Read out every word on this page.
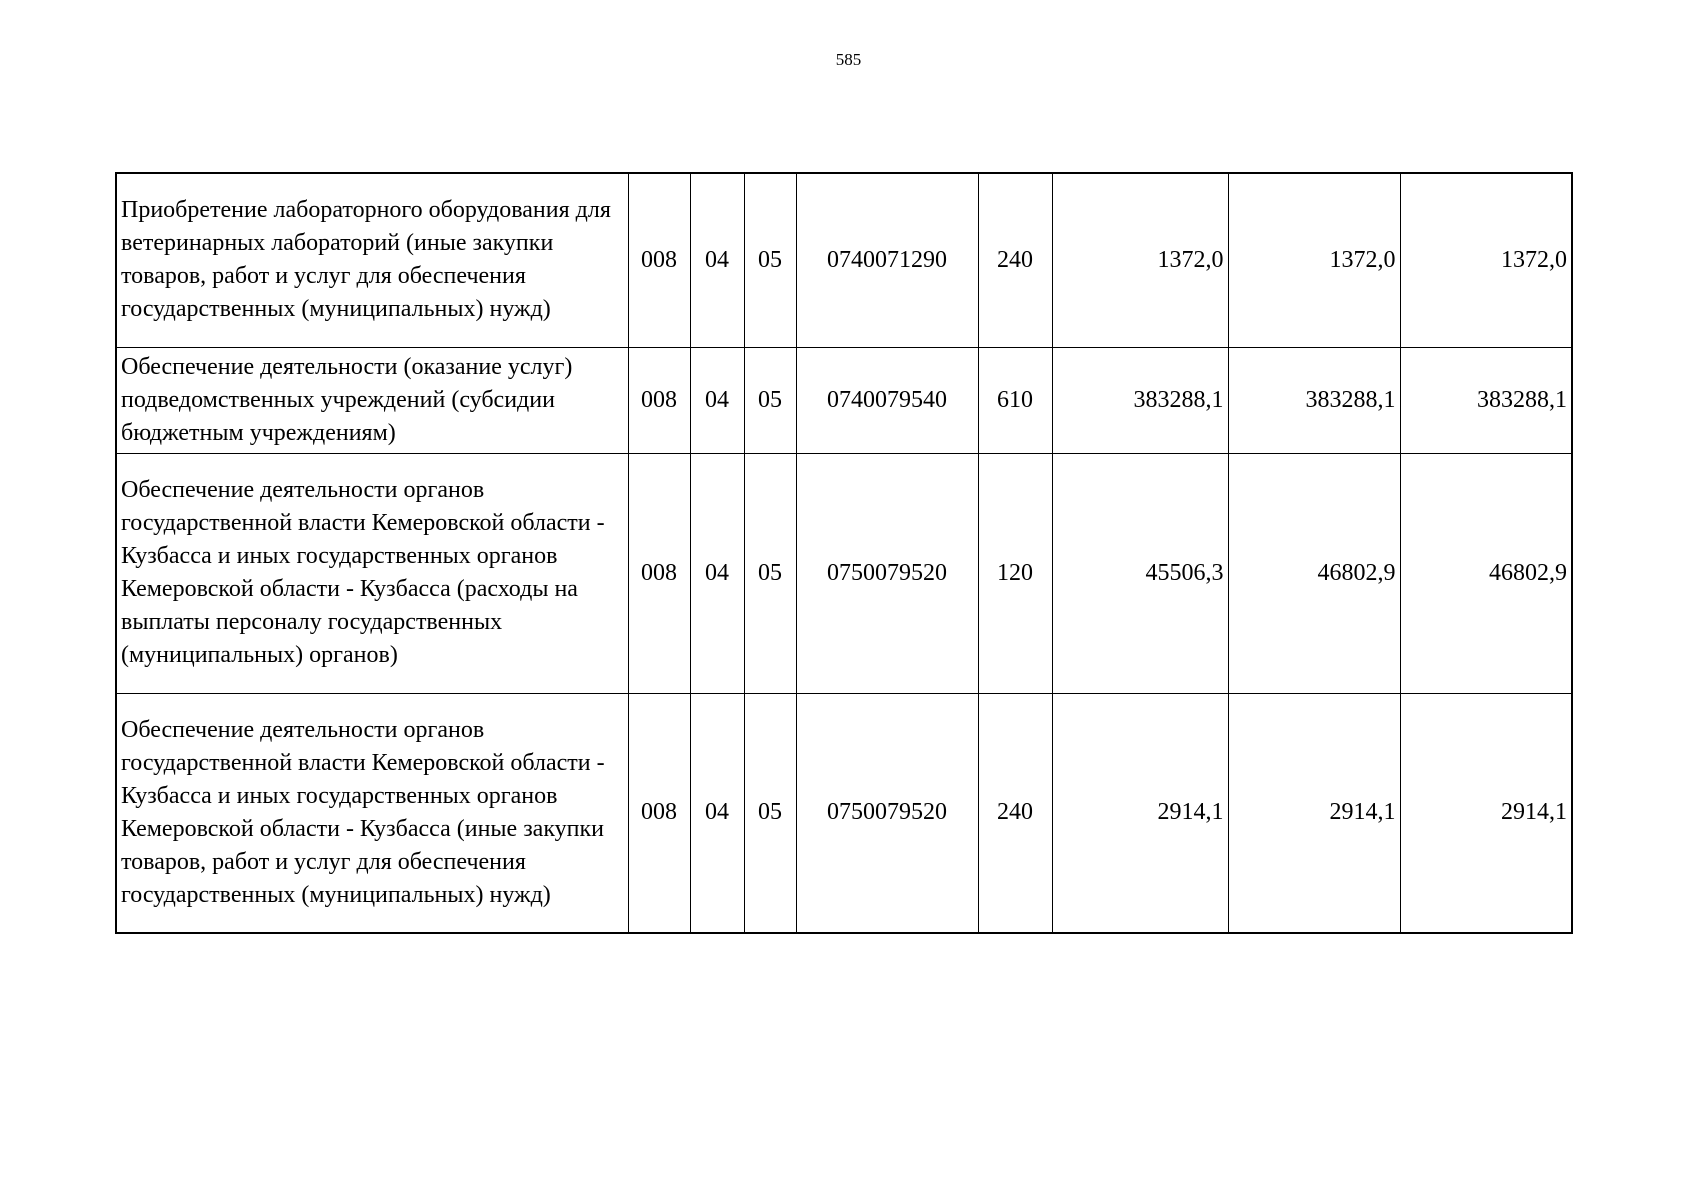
585
Приобретение лабораторного оборудования для ветеринарных лабораторий (иные закупки товаров, работ и услуг для обеспечения государственных (муниципальных) нужд)	008	04	05	0740071290	240	1372,0	1372,0	1372,0
Обеспечение деятельности (оказание услуг) подведомственных учреждений (субсидии бюджетным учреждениям)	008	04	05	0740079540	610	383288,1	383288,1	383288,1
Обеспечение деятельности органов государственной власти Кемеровской области - Кузбасса и иных государственных органов Кемеровской области - Кузбасса (расходы на выплаты персоналу государственных (муниципальных) органов)	008	04	05	0750079520	120	45506,3	46802,9	46802,9
Обеспечение деятельности органов государственной власти Кемеровской области - Кузбасса и иных государственных органов Кемеровской области - Кузбасса (иные закупки товаров, работ и услуг для обеспечения государственных (муниципальных) нужд)	008	04	05	0750079520	240	2914,1	2914,1	2914,1
